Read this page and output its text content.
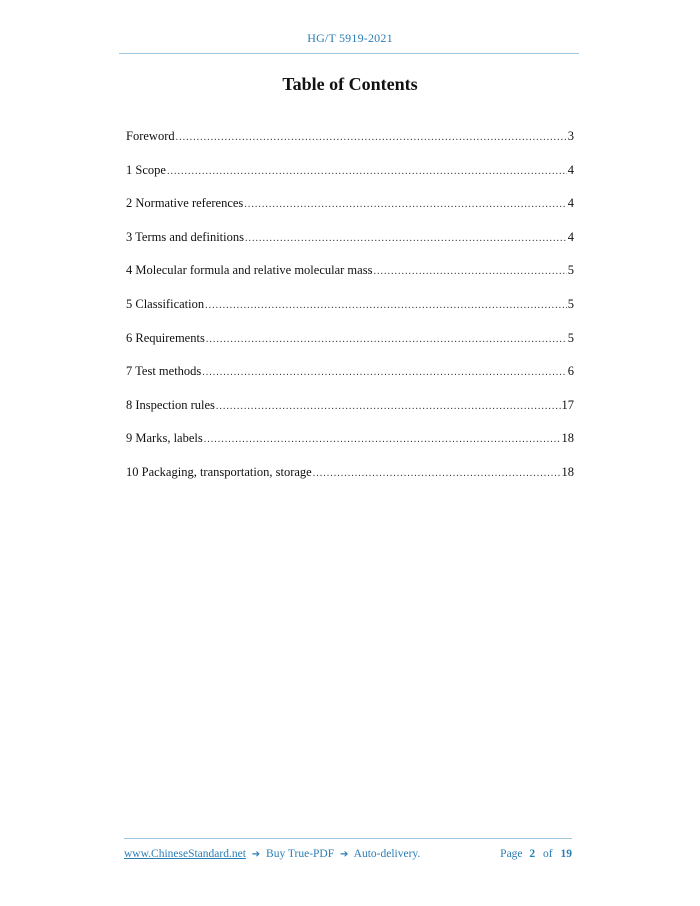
HG/T 5919-2021
Table of Contents
Foreword .....	3
1 Scope .....	4
2 Normative references .....	4
3 Terms and definitions .....	4
4 Molecular formula and relative molecular mass .....	5
5 Classification .....	5
6 Requirements .....	5
7 Test methods .....	6
8 Inspection rules .....	17
9 Marks, labels .....	18
10 Packaging, transportation, storage .....	18
www.ChineseStandard.net ➔ Buy True-PDF ➔ Auto-delivery.	Page 2 of 19
